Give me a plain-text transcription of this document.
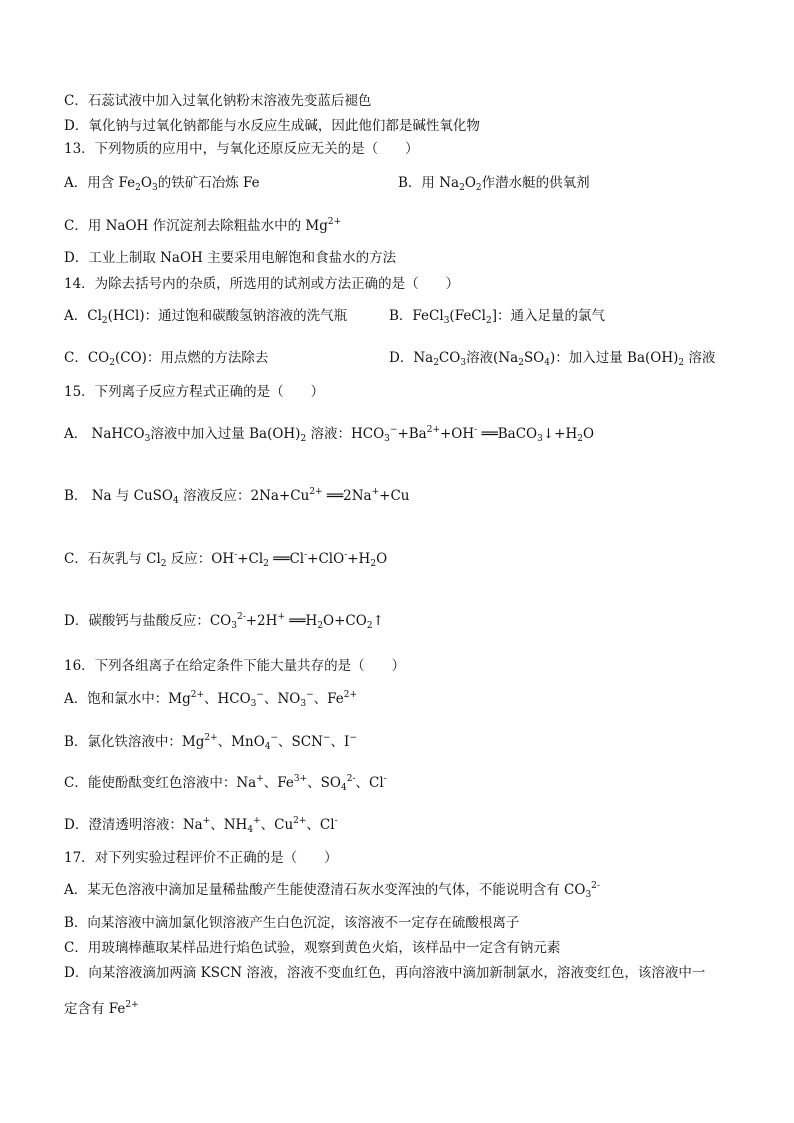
C．石蕊试液中加入过氧化钠粉末溶液先变蓝后褪色

D．氧化钠与过氧化钠都能与水反应生成碱，因此他们都是碱性氧化物

13．下列物质的应用中，与氧化还原反应无关的是（　　）

A．用含 $Fe_2O_3$的铁矿石冶炼 Fe	B．用 $Na_2O_2$作潜水艇的供氧剂

C．用 NaOH 作沉淀剂去除粗盐水中的 $Mg^{2+}$

D．工业上制取 NaOH 主要采用电解饱和食盐水的方法

14．为除去括号内的杂质，所选用的试剂或方法正确的是（　　）

A．$Cl_2(HCl)$：通过饱和碳酸氢钠溶液的洗气瓶	B．FeCl$_3$(FeCl$_2$]：通入足量的氯气

C．$CO_2(CO)$：用点燃的方法除去	D．$Na_2CO_3$溶液$(Na_2SO_4)$：加入过量 $Ba(OH)_2$ 溶液

15．下列离子反应方程式正确的是（　　）

A． NaHCO$_3$溶液中加入过量 $Ba(OH)_2$ 溶液：$HCO_3^-+Ba^{2+}+OH^-$ $══BaCO_3↓+H_2O$

B． Na 与 CuSO$_4$ 溶液反应：$2Na+Cu^{2+}$ ══2Na++Cu

C．石灰乳与 $Cl_2$ 反应：$OH^-+Cl_2$ $══Cl^-+ClO^-+H_2O$

D．碳酸钙与盐酸反应：$CO_3^{2-}+2H^+$ $══H_2O+CO_2↑$

16．下列各组离子在给定条件下能大量共存的是（　　）

A．饱和氯水中：$Mg^{2+}$、$HCO_3^-$、$NO_3^-$、$Fe^{2+}$

B．氯化铁溶液中：$Mg^{2+}$、MnO$_4$−、SCN−、I−

C．能使酚酞变红色溶液中：Na+、$Fe^{3+}$、$SO_4^{2-}$、Cl-

D．澄清透明溶液：Na+、$NH_4^+$、$Cu^{2+}$、Cl-

17．对下列实验过程评价不正确的是（　　）

A．某无色溶液中滴加足量稀盐酸产生能使澄清石灰水变浑浊的气体，不能说明含有 $CO_3^{2-}$

B．向某溶液中滴加氯化钡溶液产生白色沉淀，该溶液不一定存在硫酸根离子

C．用玻璃棒蘸取某样品进行焰色试验，观察到黄色火焰，该样品中一定含有钠元素

D．向某溶液滴加两滴 KSCN 溶液，溶液不变血红色，再向溶液中滴加新制氯水，溶液变红色，该溶液中一

定含有 $Fe^{2+}$
